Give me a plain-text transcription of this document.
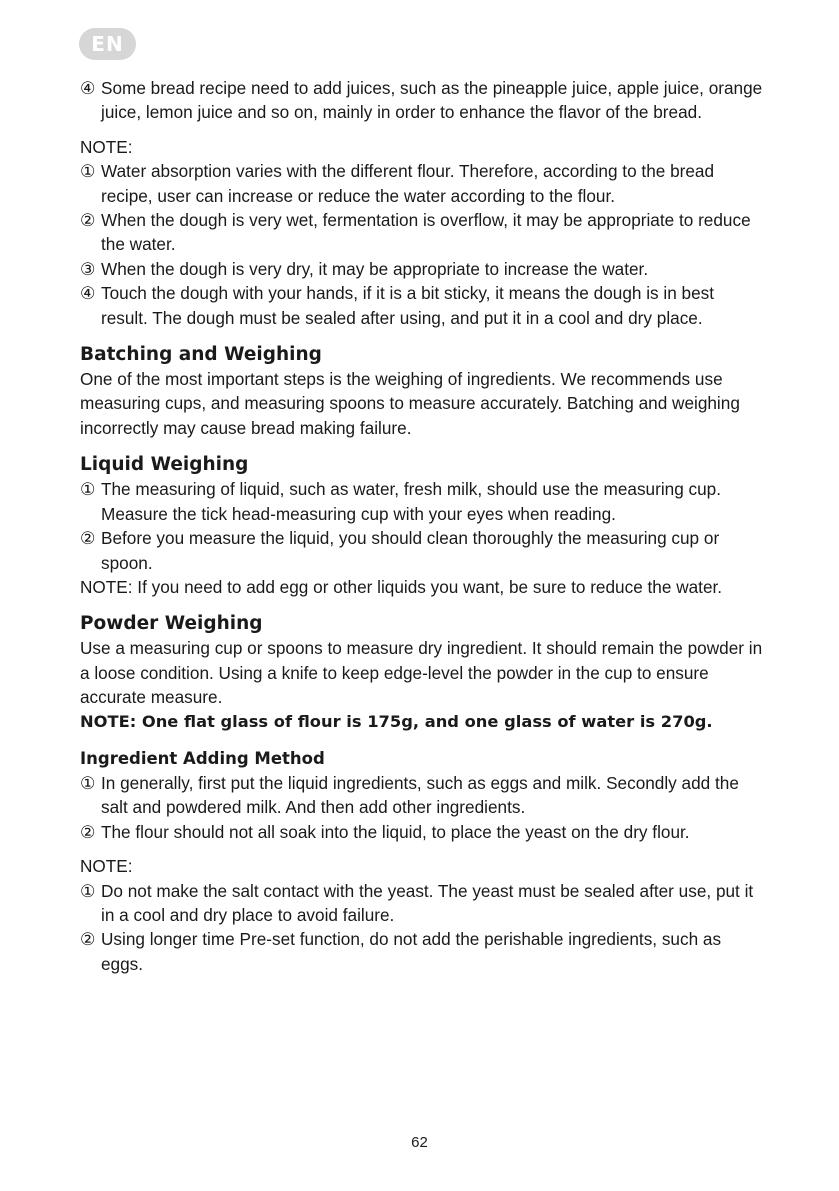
EN
④ Some bread recipe need to add juices, such as the pineapple juice, apple juice, orange juice, lemon juice and so on, mainly in order to enhance the flavor of the bread.

NOTE:

① Water absorption varies with the different flour. Therefore, according to the bread recipe, user can increase or reduce the water according to the flour.

② When the dough is very wet, fermentation is overflow, it may be appropriate to reduce the water.

③ When the dough is very dry, it may be appropriate to increase the water.

④ Touch the dough with your hands, if it is a bit sticky, it means the dough is in best result. The dough must be sealed after using, and put it in a cool and dry place.

Batching and Weighing

One of the most important steps is the weighing of ingredients. We recommends use measuring cups, and measuring spoons to measure accurately. Batching and weighing incorrectly may cause bread making failure.

Liquid Weighing
① The measuring of liquid, such as water, fresh milk, should use the measuring cup. Measure the tick head-measuring cup with your eyes when reading.

② Before you measure the liquid, you should clean thoroughly the measuring cup or spoon.

NOTE: If you need to add egg or other liquids you want, be sure to reduce the water.

Powder Weighing

Use a measuring cup or spoons to measure dry ingredient. It should remain the powder in a loose condition. Using a knife to keep edge-level the powder in the cup to ensure accurate measure.

NOTE: One flat glass of flour is 175g, and one glass of water is 270g.

Ingredient Adding Method
① In generally, first put the liquid ingredients, such as eggs and milk. Secondly add the salt and powdered milk. And then add other ingredients.

② The flour should not all soak into the liquid, to place the yeast on the dry flour.

NOTE:

① Do not make the salt contact with the yeast. The yeast must be sealed after use, put it in a cool and dry place to avoid failure.

② Using longer time Pre-set function, do not add the perishable ingredients, such as eggs.

62
